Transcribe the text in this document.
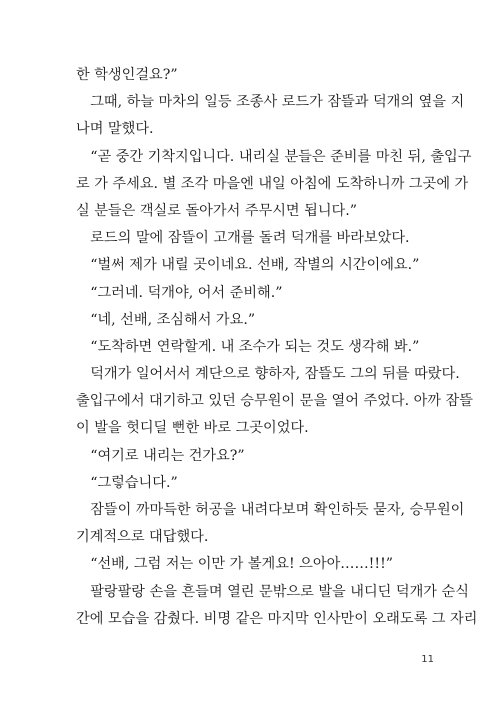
한 학생인걸요?”
　그때, 하늘 마차의 일등 조종사 로드가 잠뜰과 덕개의 옆을 지
나며 말했다.
　“곧 중간 기착지입니다. 내리실 분들은 준비를 마친 뒤, 출입구
로 가 주세요. 별 조각 마을엔 내일 아침에 도착하니까 그곳에 가
실 분들은 객실로 돌아가서 주무시면 됩니다.”
　로드의 말에 잠뜰이 고개를 돌려 덕개를 바라보았다.
　“벌써 제가 내릴 곳이네요. 선배, 작별의 시간이에요.”
　“그러네. 덕개야, 어서 준비해.”
　“네, 선배, 조심해서 가요.”
　“도착하면 연락할게. 내 조수가 되는 것도 생각해 봐.”
　덕개가 일어서서 계단으로 향하자, 잠뜰도 그의 뒤를 따랐다.
출입구에서 대기하고 있던 승무원이 문을 열어 주었다. 아까 잠뜰
이 발을 헛디딜 뻔한 바로 그곳이었다.
　“여기로 내리는 건가요?”
　“그렇습니다.”
　잠뜰이 까마득한 허공을 내려다보며 확인하듯 묻자, 승무원이
기계적으로 대답했다.
　“선배, 그럼 저는 이만 가 볼게요! 으아아……!!!”
　팔랑팔랑 손을 흔들며 열린 문밖으로 발을 내디딘 덕개가 순식
간에 모습을 감췄다. 비명 같은 마지막 인사만이 오래도록 그 자리
11
